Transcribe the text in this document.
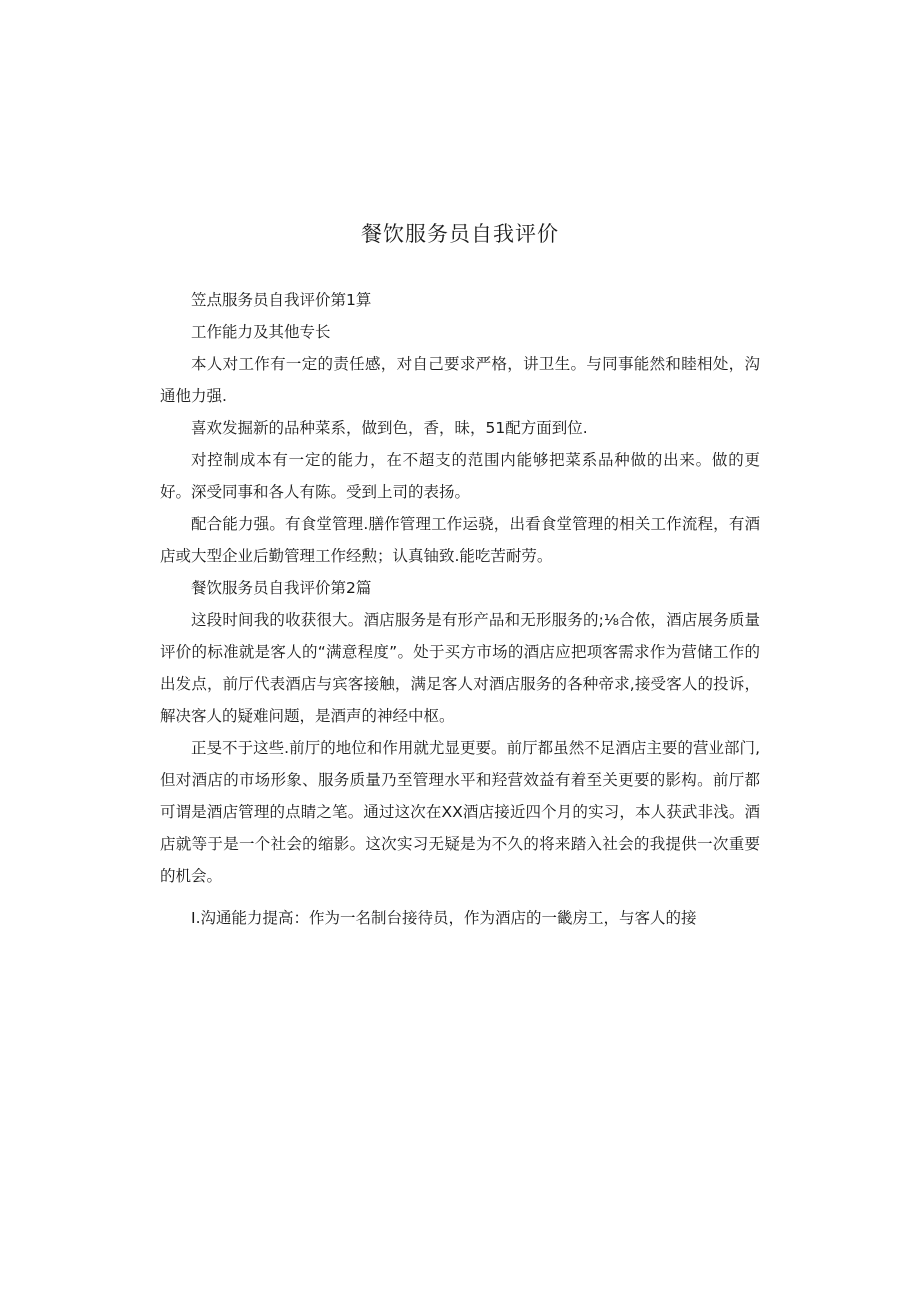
餐饮服务员自我评价

笠点服务员自我评价第1算

工作能力及其他专长

本人对工作有一定的责任感，对自己要求严格，讲卫生。与同事能然和睦相处，沟通他力强.

喜欢发掘新的品种菜系，做到色，香，昧，51配方面到位.

对控制成本有一定的能力，在不超支的范围内能够把菜系品种做的出来。做的更好。深受同事和各人有陈。受到上司的表扬。

配合能力强。有食堂管理.膳作管理工作运骁，出看食堂管理的相关工作流程，有酒店或大型企业后勤管理工作经勲；认真铀致.能吃苦耐劳。

餐饮服务员自我评价第2篇

这段时间我的收获很大。酒店服务是有形产品和无形服务的;⅛合侬，酒店展务质量评价的标准就是客人的“满意程度”。处于买方市场的酒店应把项客需求作为营储工作的出发点，前厅代表酒店与宾客接触，满足客人对酒店服务的各种帝求,接受客人的投诉，解决客人的疑难问题，是酒声的神经中枢。

正旻不于这些.前厅的地位和作用就尤显更要。前厅都虽然不足酒店主要的营业部门,但对酒店的市场形象、服务质量乃至管理水平和羟营效益有着至关更要的影构。前厅都可谓是酒店管理的点睛之笔。通过这次在XX酒店接近四个月的实习，本人获武非浅。酒店就等于是一个社会的缩影。这次实习无疑是为不久的将来踏入社会的我提供一次重要的机会。

I.沟通能力提高：作为一名制台接待员，作为酒店的一畿房工，与客人的接
